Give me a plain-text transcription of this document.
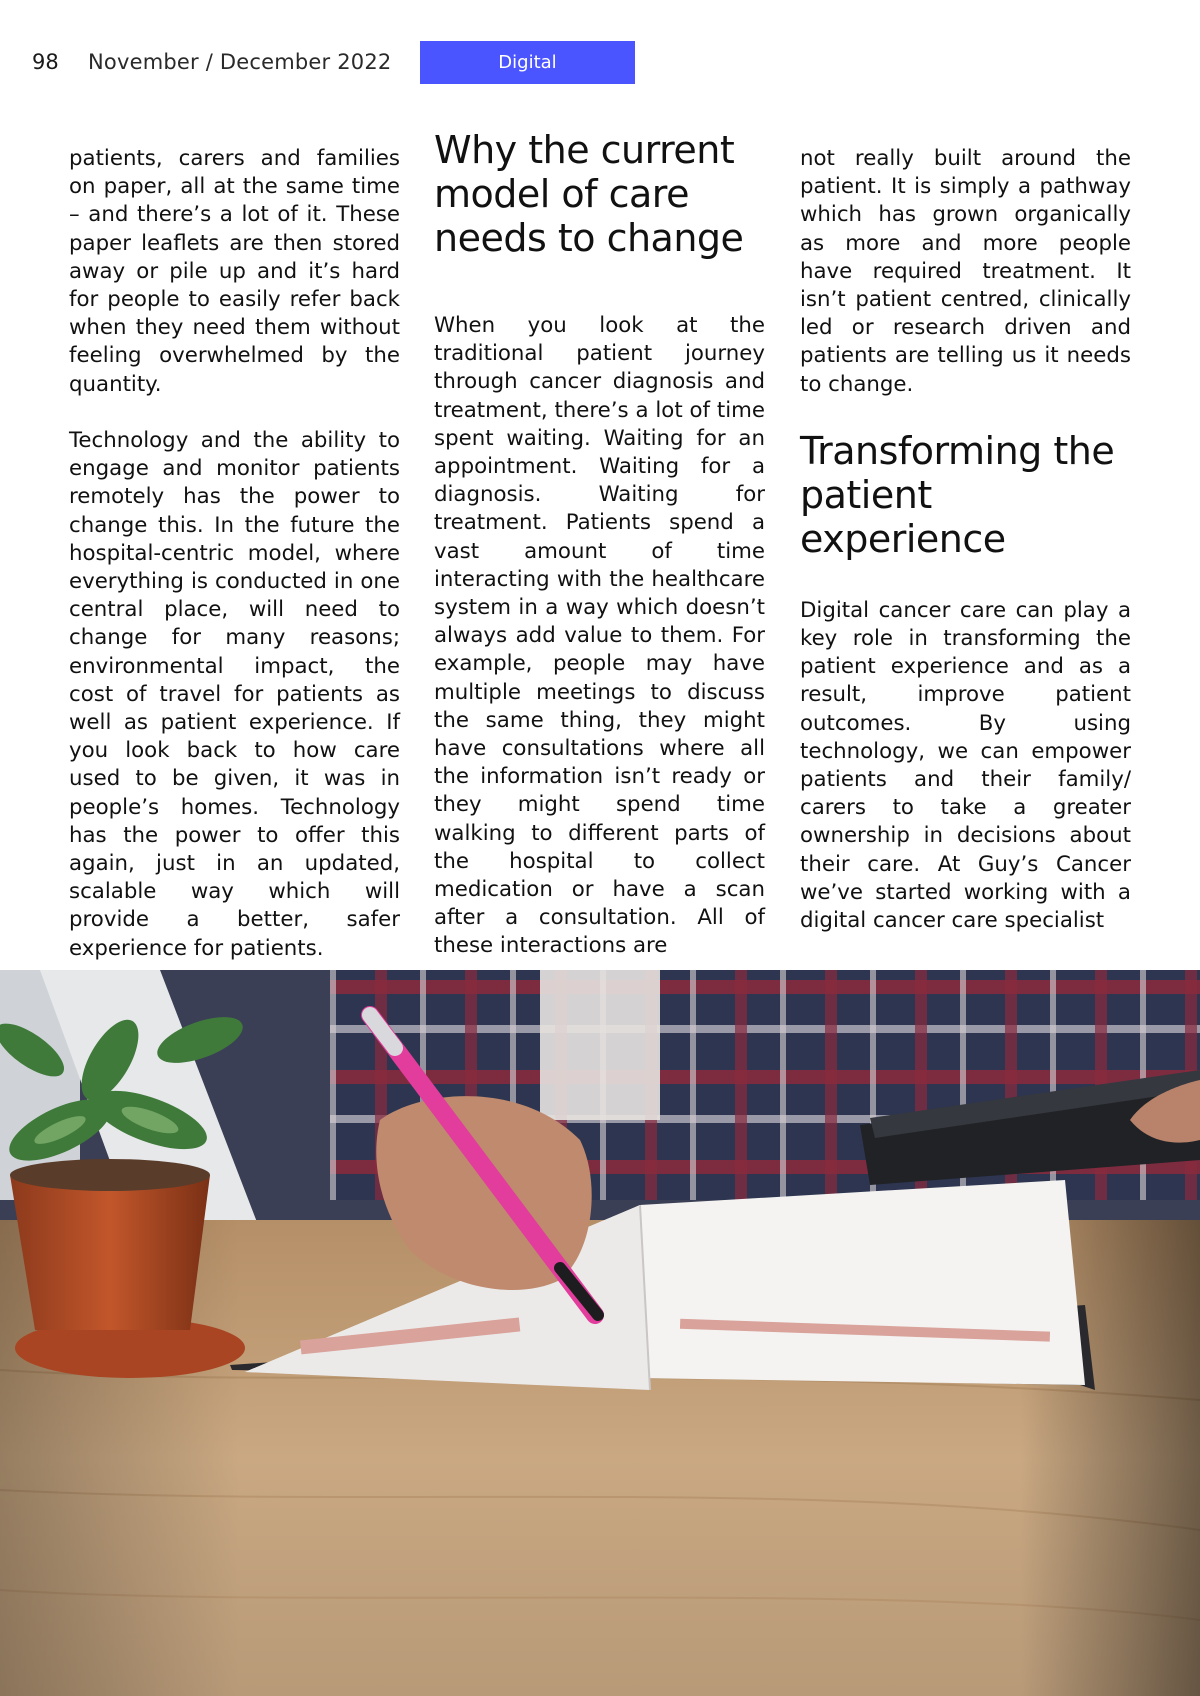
98 November / December 2022	Digital

patients, carers and families on paper, all at the same time – and there’s a lot of it. These paper leaflets are then stored away or pile up and it’s hard for people to easily refer back when they need them without feeling overwhelmed by the quantity.

Technology and the ability to engage and monitor patients remotely has the power to change this. In the future the hospital-centric model, where everything is conducted in one central place, will need to change for many reasons; environmental impact, the cost of travel for patients as well as patient experience. If you look back to how care used to be given, it was in people’s homes. Technology has the power to offer this again, just in an updated, scalable way which will provide a better, safer experience for patients.

Why the current model of care needs to change

When you look at the traditional patient journey through cancer diagnosis and treatment, there’s a lot of time spent waiting. Waiting for an appointment. Waiting for a diagnosis. Waiting for treatment. Patients spend a vast amount of time interacting with the healthcare system in a way which doesn’t always add value to them. For example, people may have multiple meetings to discuss the same thing, they might have consultations where all the information isn’t ready or they might spend time walking to different parts of the hospital to collect medication or have a scan after a consultation. All of these interactions are

not really built around the patient. It is simply a pathway which has grown organically as more and more people have required treatment. It isn’t patient centred, clinically led or research driven and patients are telling us it needs to change.

Transforming the patient experience

Digital cancer care can play a key role in transforming the patient experience and as a result, improve patient outcomes. By using technology, we can empower patients and their family/ carers to take a greater ownership in decisions about their care. At Guy’s Cancer we’ve started working with a digital cancer care specialist
